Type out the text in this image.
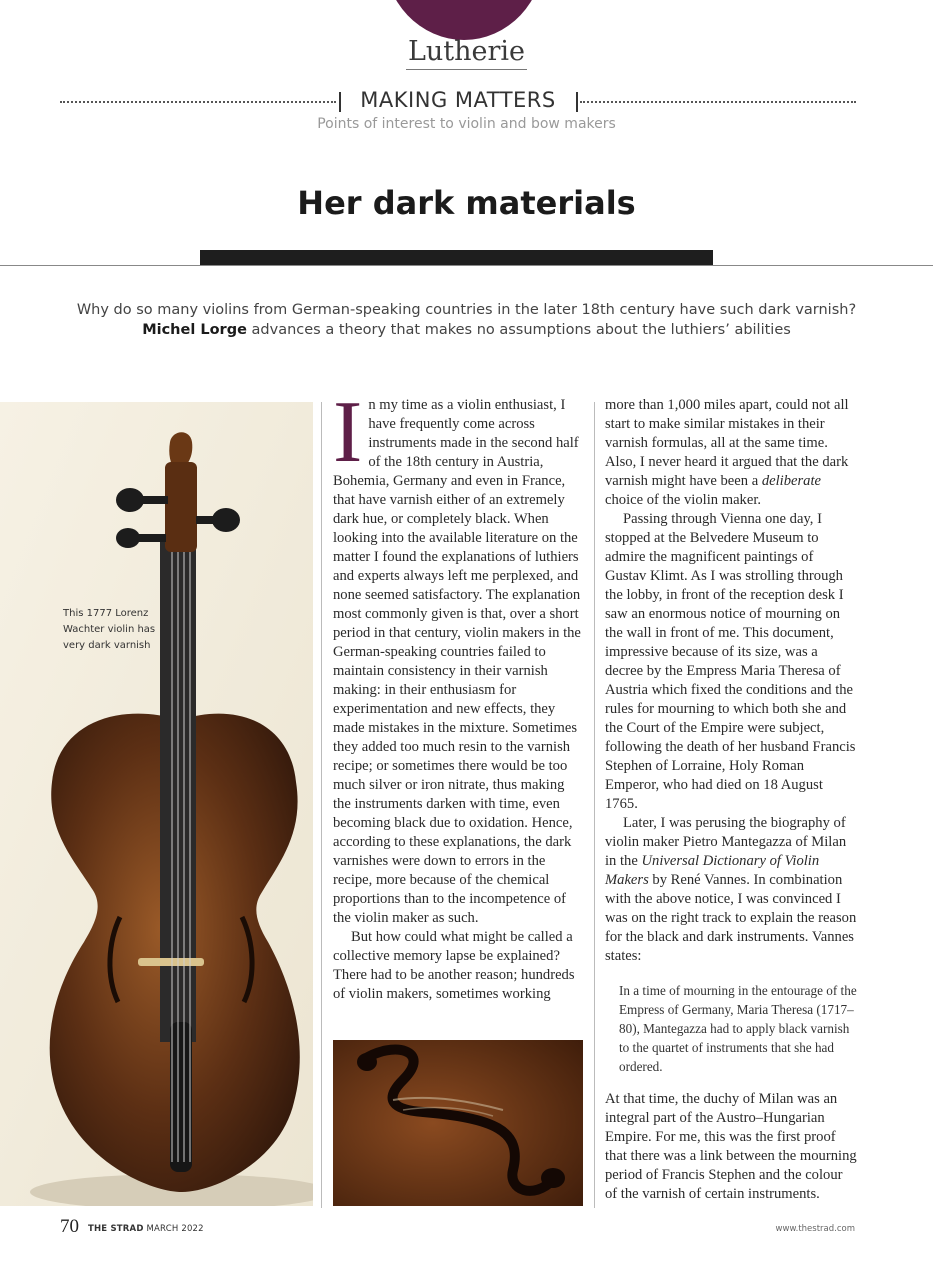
Lutherie
MAKING MATTERS
Points of interest to violin and bow makers
Her dark materials
Why do so many violins from German-speaking countries in the later 18th century have such dark varnish?
Michel Lorge advances a theory that makes no assumptions about the luthiers’ abilities
This 1777 Lorenz Wachter violin has very dark varnish

In my time as a violin enthusiast, I have frequently come across instruments made in the second half of the 18th century in Austria, Bohemia, Germany and even in France, that have varnish either of an extremely dark hue, or completely black. When looking into the available literature on the matter I found the explanations of luthiers and experts always left me perplexed, and none seemed satisfactory. The explanation most commonly given is that, over a short period in that century, violin makers in the German-speaking countries failed to maintain consistency in their varnish making: in their enthusiasm for experimentation and new effects, they made mistakes in the mixture. Sometimes they added too much resin to the varnish recipe; or sometimes there would be too much silver or iron nitrate, thus making the instruments darken with time, even becoming black due to oxidation. Hence, according to these explanations, the dark varnishes were down to errors in the recipe, more because of the chemical proportions than to the incompetence of the violin maker as such.

But how could what might be called a collective memory lapse be explained? There had to be another reason; hundreds of violin makers, sometimes working

more than 1,000 miles apart, could not all start to make similar mistakes in their varnish formulas, all at the same time. Also, I never heard it argued that the dark varnish might have been a deliberate choice of the violin maker.

Passing through Vienna one day, I stopped at the Belvedere Museum to admire the magnificent paintings of Gustav Klimt. As I was strolling through the lobby, in front of the reception desk I saw an enormous notice of mourning on the wall in front of me. This document, impressive because of its size, was a decree by the Empress Maria Theresa of Austria which fixed the conditions and the rules for mourning to which both she and the Court of the Empire were subject, following the death of her husband Francis Stephen of Lorraine, Holy Roman Emperor, who had died on 18 August 1765.

Later, I was perusing the biography of violin maker Pietro Mantegazza of Milan in the Universal Dictionary of Violin Makers by René Vannes. In combination with the above notice, I was convinced I was on the right track to explain the reason for the black and dark instruments. Vannes states:

In a time of mourning in the entourage of the Empress of Germany, Maria Theresa (1717–80), Mantegazza had to apply black varnish to the quartet of instruments that she had ordered.

At that time, the duchy of Milan was an integral part of the Austro–Hungarian Empire. For me, this was the first proof that there was a link between the mourning period of Francis Stephen and the colour of the varnish of certain instruments.

70 THE STRAD MARCH 2022	www.thestrad.com
